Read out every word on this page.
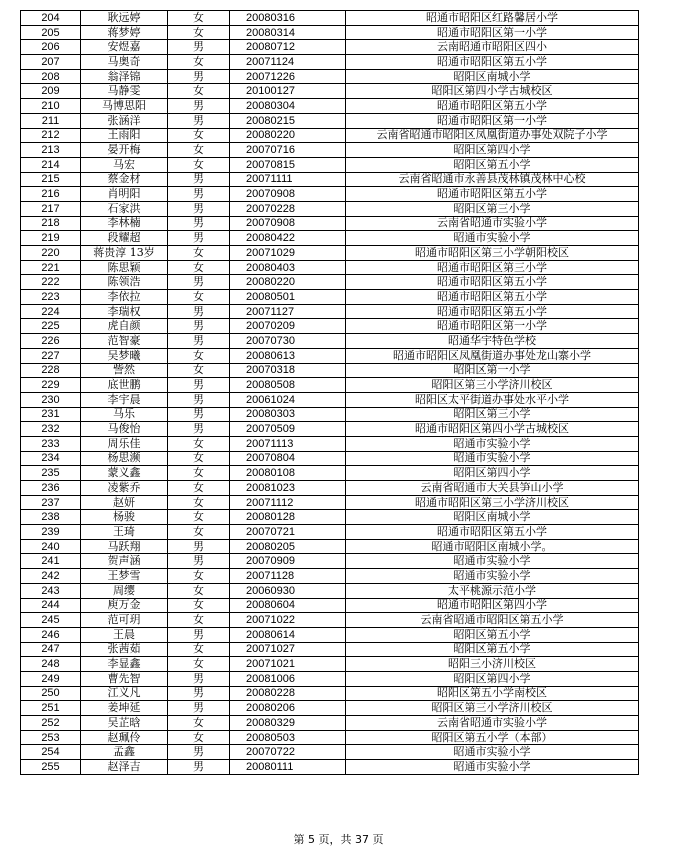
204	耿远婷	女	20080316	昭通市昭阳区红路馨居小学
205	蒋梦婷	女	20080314	昭通市昭阳区第一小学
206	安煜嘉	男	20080712	云南昭通市昭阳区四小
207	马奥奇	女	20071124	昭通市昭阳区第五小学
208	翁泽锦	男	20071226	昭阳区南城小学
209	马静雯	女	20100127	昭阳区第四小学古城校区
210	马博思阳	男	20080304	昭通市昭阳区第五小学
211	张涵洋	男	20080215	昭通市昭阳区第一小学
212	王雨阳	女	20080220	云南省昭通市昭阳区凤凰街道办事处双院子小学
213	晏开梅	女	20070716	昭阳区第四小学
214	马宏	女	20070815	昭阳区第五小学
215	蔡金材	男	20071111	云南省昭通市永善县茂林镇茂林中心校
216	肖明阳	男	20070908	昭通市昭阳区第五小学
217	石家洪	男	20070228	昭阳区第三小学
218	李林楠	男	20070908	云南省昭通市实验小学
219	段耀超	男	20080422	昭通市实验小学
220	蒋贵淳 13岁	女	20071029	昭通市昭阳区第三小学朝阳校区
221	陈思颖	女	20080403	昭通市昭阳区第三小学
222	陈领浩	男	20080220	昭通市昭阳区第五小学
223	李依拉	女	20080501	昭通市昭阳区第五小学
224	李瑞权	男	20071127	昭通市昭阳区第五小学
225	虎自颜	男	20070209	昭通市昭阳区第一小学
226	范智豪	男	20070730	昭通华宇特色学校
227	吴梦曦	女	20080613	昭通市昭阳区凤凰街道办事处龙山寨小学
228	訾然	女	20070318	昭阳区第一小学
229	底世鹏	男	20080508	昭阳区第三小学济川校区
230	李宇晨	男	20061024	昭阳区太平街道办事处水平小学
231	马乐	男	20080303	昭阳区第三小学
232	马俊怡	男	20070509	昭通市昭阳区第四小学古城校区
233	周乐佳	女	20071113	昭通市实验小学
234	杨思濒	女	20070804	昭通市实验小学
235	蒙义鑫	女	20080108	昭阳区第四小学
236	凌紫乔	女	20081023	云南省昭通市大关县笋山小学
237	赵妍	女	20071112	昭通市昭阳区第三小学济川校区
238	杨骏	女	20080128	昭阳区南城小学
239	王琦	女	20070721	昭通市昭阳区第五小学
240	马跃翔	男	20080205	昭通市昭阳区南城小学。
241	贺声涵	男	20070909	昭通市实验小学
242	王梦雪	女	20071128	昭通市实验小学
243	周缨	女	20060930	太平桃源示范小学
244	庾万金	女	20080604	昭通市昭阳区第四小学
245	范可玥	女	20071022	云南省昭通市昭阳区第五小学
246	王晨	男	20080614	昭阳区第五小学
247	张茜茹	女	20071027	昭阳区第五小学
248	李显鑫	女	20071021	昭阳三小济川校区
249	曹先智	男	20081006	昭阳区第四小学
250	江义凡	男	20080228	昭阳区第五小学南校区
251	姜坤延	男	20080206	昭阳区第三小学济川校区
252	吴芷晗	女	20080329	云南省昭通市实验小学
253	赵珮伶	女	20080503	昭阳区第五小学（本部）
254	孟鑫	男	20070722	昭通市实验小学
255	赵泽吉	男	20080111	昭通市实验小学
第 5 页，共 37 页
